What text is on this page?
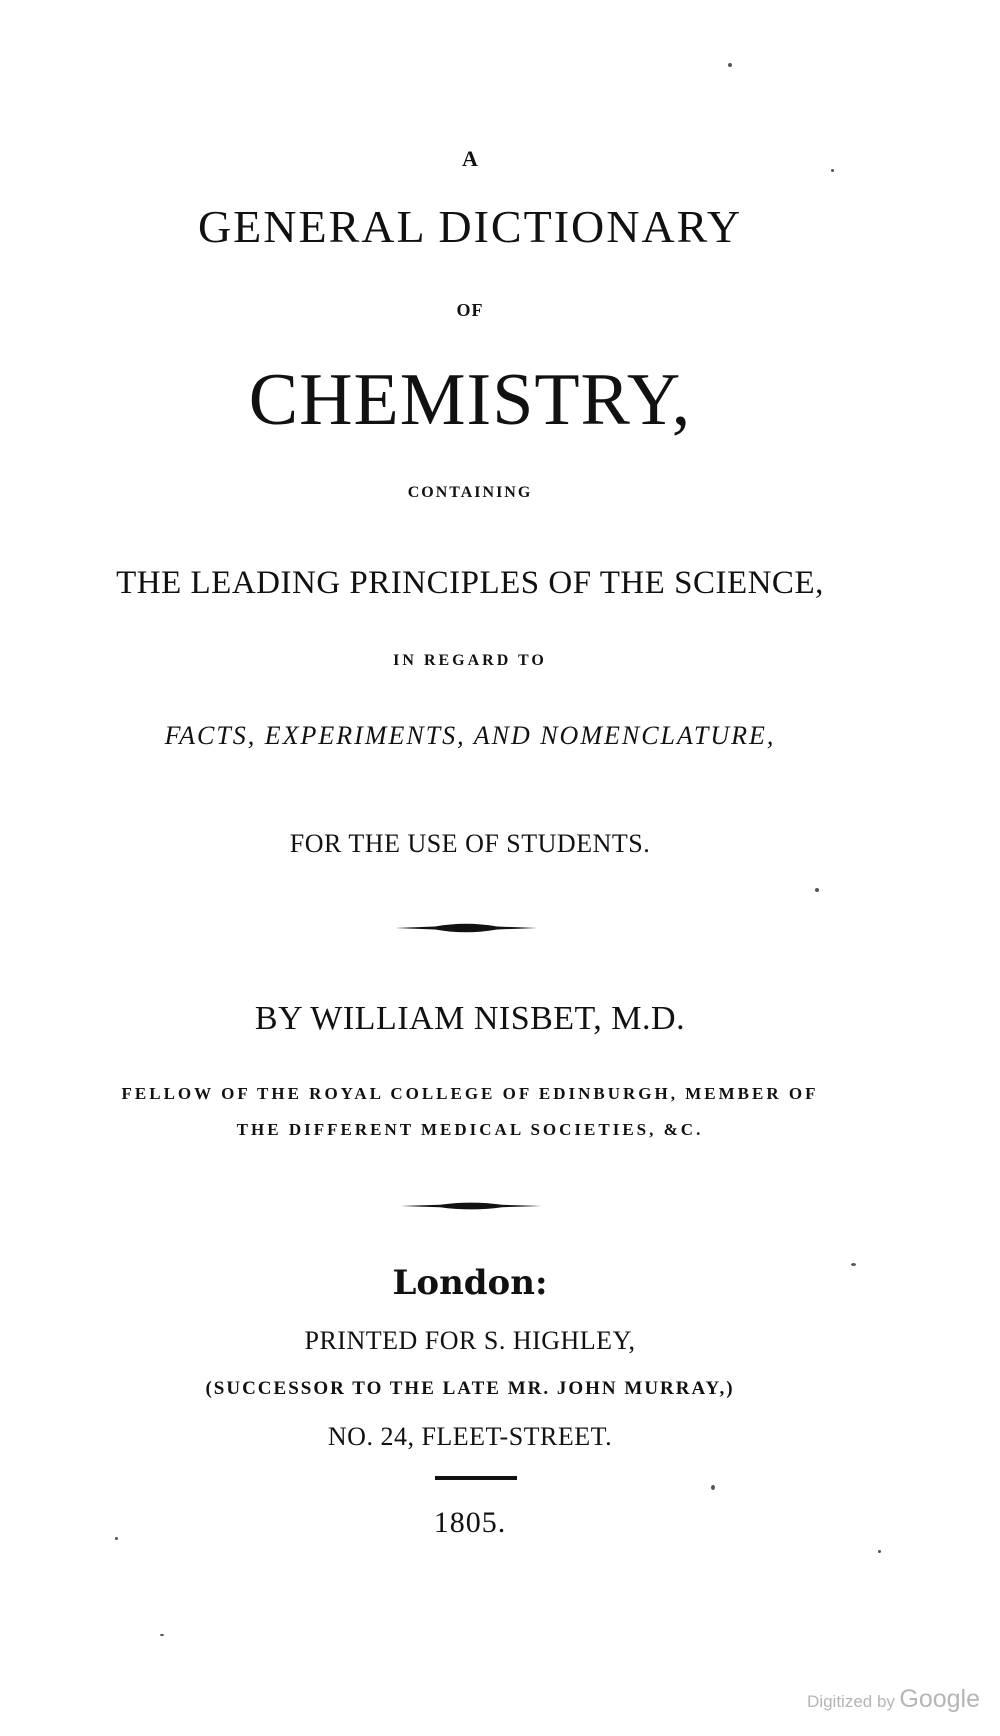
A
GENERAL DICTIONARY
OF
CHEMISTRY,
CONTAINING
THE LEADING PRINCIPLES OF THE SCIENCE,
IN REGARD TO
FACTS, EXPERIMENTS, AND NOMENCLATURE,
FOR THE USE OF STUDENTS.
BY WILLIAM NISBET, M.D.
FELLOW OF THE ROYAL COLLEGE OF EDINBURGH, MEMBER OF
THE DIFFERENT MEDICAL SOCIETIES, &C.
London:
PRINTED FOR S. HIGHLEY,
(SUCCESSOR TO THE LATE MR. JOHN MURRAY,)
NO. 24, FLEET-STREET.
1805.
Digitized by Google
